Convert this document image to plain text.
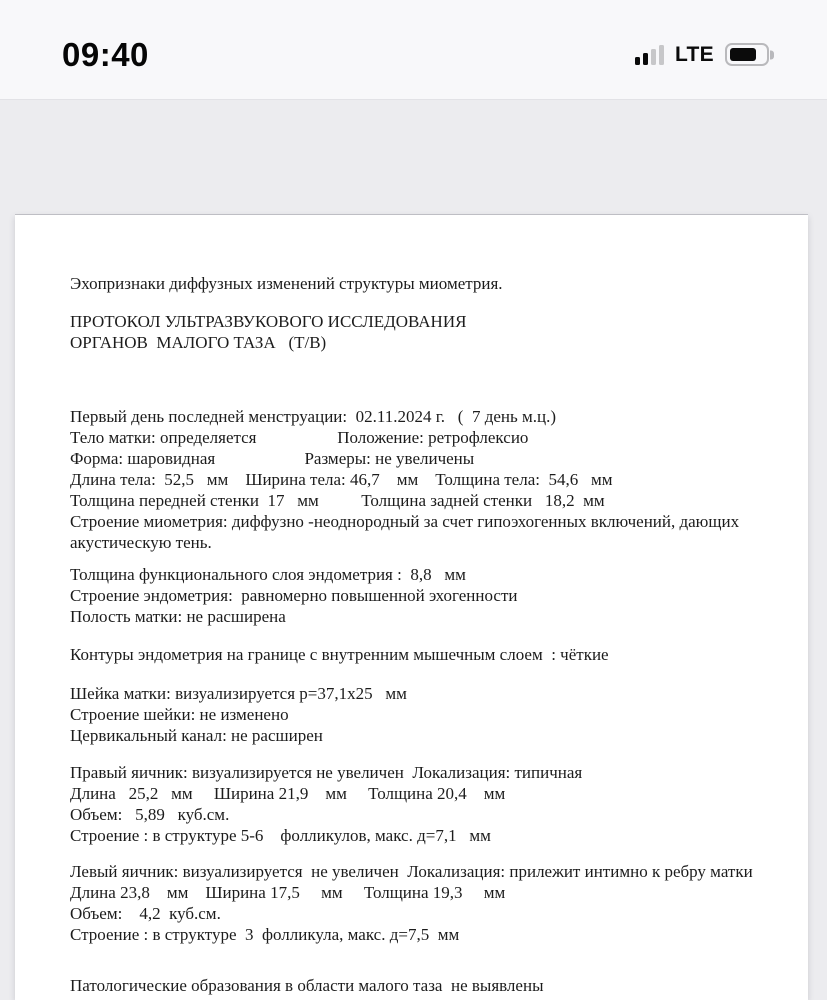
09:40	LTE

Эхопризнаки диффузных изменений структуры миометрия.

ПРОТОКОЛ УЛЬТРАЗВУКОВОГО ИССЛЕДОВАНИЯ

ОРГАНОВ  МАЛОГО ТАЗА   (Т/В)

Первый день последней менструации:  02.11.2024 г.   (  7 день м.ц.)

Тело матки: определяется                   Положение: ретрофлексио

Форма: шаровидная                     Размеры: не увеличены

Длина тела:  52,5   мм    Ширина тела: 46,7    мм    Толщина тела:  54,6   мм

Толщина передней стенки  17   мм          Толщина задней стенки   18,2  мм

Строение миометрия: диффузно -неоднородный за счет гипоэхогенных включений, дающих

акустическую тень.

Толщина функционального слоя эндометрия :  8,8   мм

Строение эндометрия:  равномерно повышенной эхогенности

Полость матки: не расширена

Контуры эндометрия на границе с внутренним мышечным слоем  : чёткие

Шейка матки: визуализируется р=37,1х25   мм

Строение шейки: не изменено

Цервикальный канал: не расширен

Правый яичник: визуализируется не увеличен  Локализация: типичная

Длина   25,2   мм     Ширина 21,9    мм     Толщина 20,4    мм

Объем:   5,89   куб.см.

Строение : в структуре 5-6    фолликулов, макс. д=7,1   мм

Левый яичник: визуализируется  не увеличен  Локализация: прилежит интимно к ребру матки

Длина 23,8    мм    Ширина 17,5     мм     Толщина 19,3     мм

Объем:    4,2  куб.см.

Строение : в структуре  3  фолликула, макс. д=7,5  мм

Патологические образования в области малого таза  не выявлены
